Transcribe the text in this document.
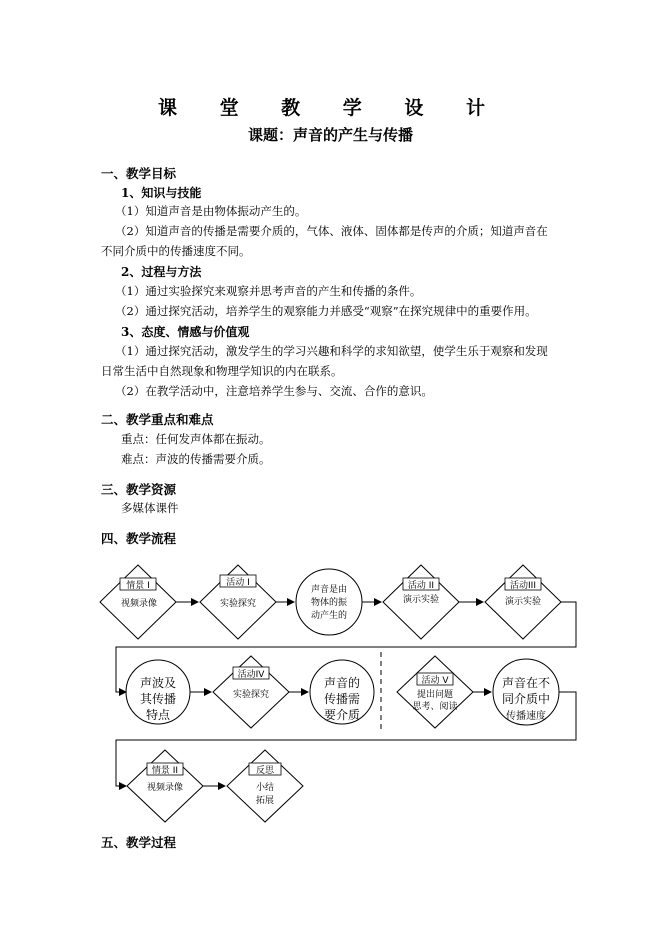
课 堂 教 学 设 计
课题：声音的产生与传播
一、教学目标
1、知识与技能
（1）知道声音是由物体振动产生的。
（2）知道声音的传播是需要介质的，气体、液体、固体都是传声的介质；知道声音在
不同介质中的传播速度不同。
2、过程与方法
（1）通过实验探究来观察并思考声音的产生和传播的条件。
（2）通过探究活动，培养学生的观察能力并感受“观察”在探究规律中的重要作用。
3、态度、情感与价值观
（1）通过探究活动，激发学生的学习兴趣和科学的求知欲望，使学生乐于观察和发现
日常生活中自然现象和物理学知识的内在联系。
（2）在教学活动中，注意培养学生参与、交流、合作的意识。
二、教学重点和难点
重点：任何发声体都在振动。
难点：声波的传播需要介质。
三、教学资源
多媒体课件
四、教学流程
情景 I
视频录像
活动 I
实验探究
声音是由
物体的振
动产生的
活动 II
演示实验
活动III
演示实验
声波及
其传播
特点
活动IV
实验探究
声音的
传播需
要介质
活动 V
提出问题
思考、阅读
声音在不
同介质中
传播速度
情景 II
视频录像
反思
小结
拓展
五、教学过程
